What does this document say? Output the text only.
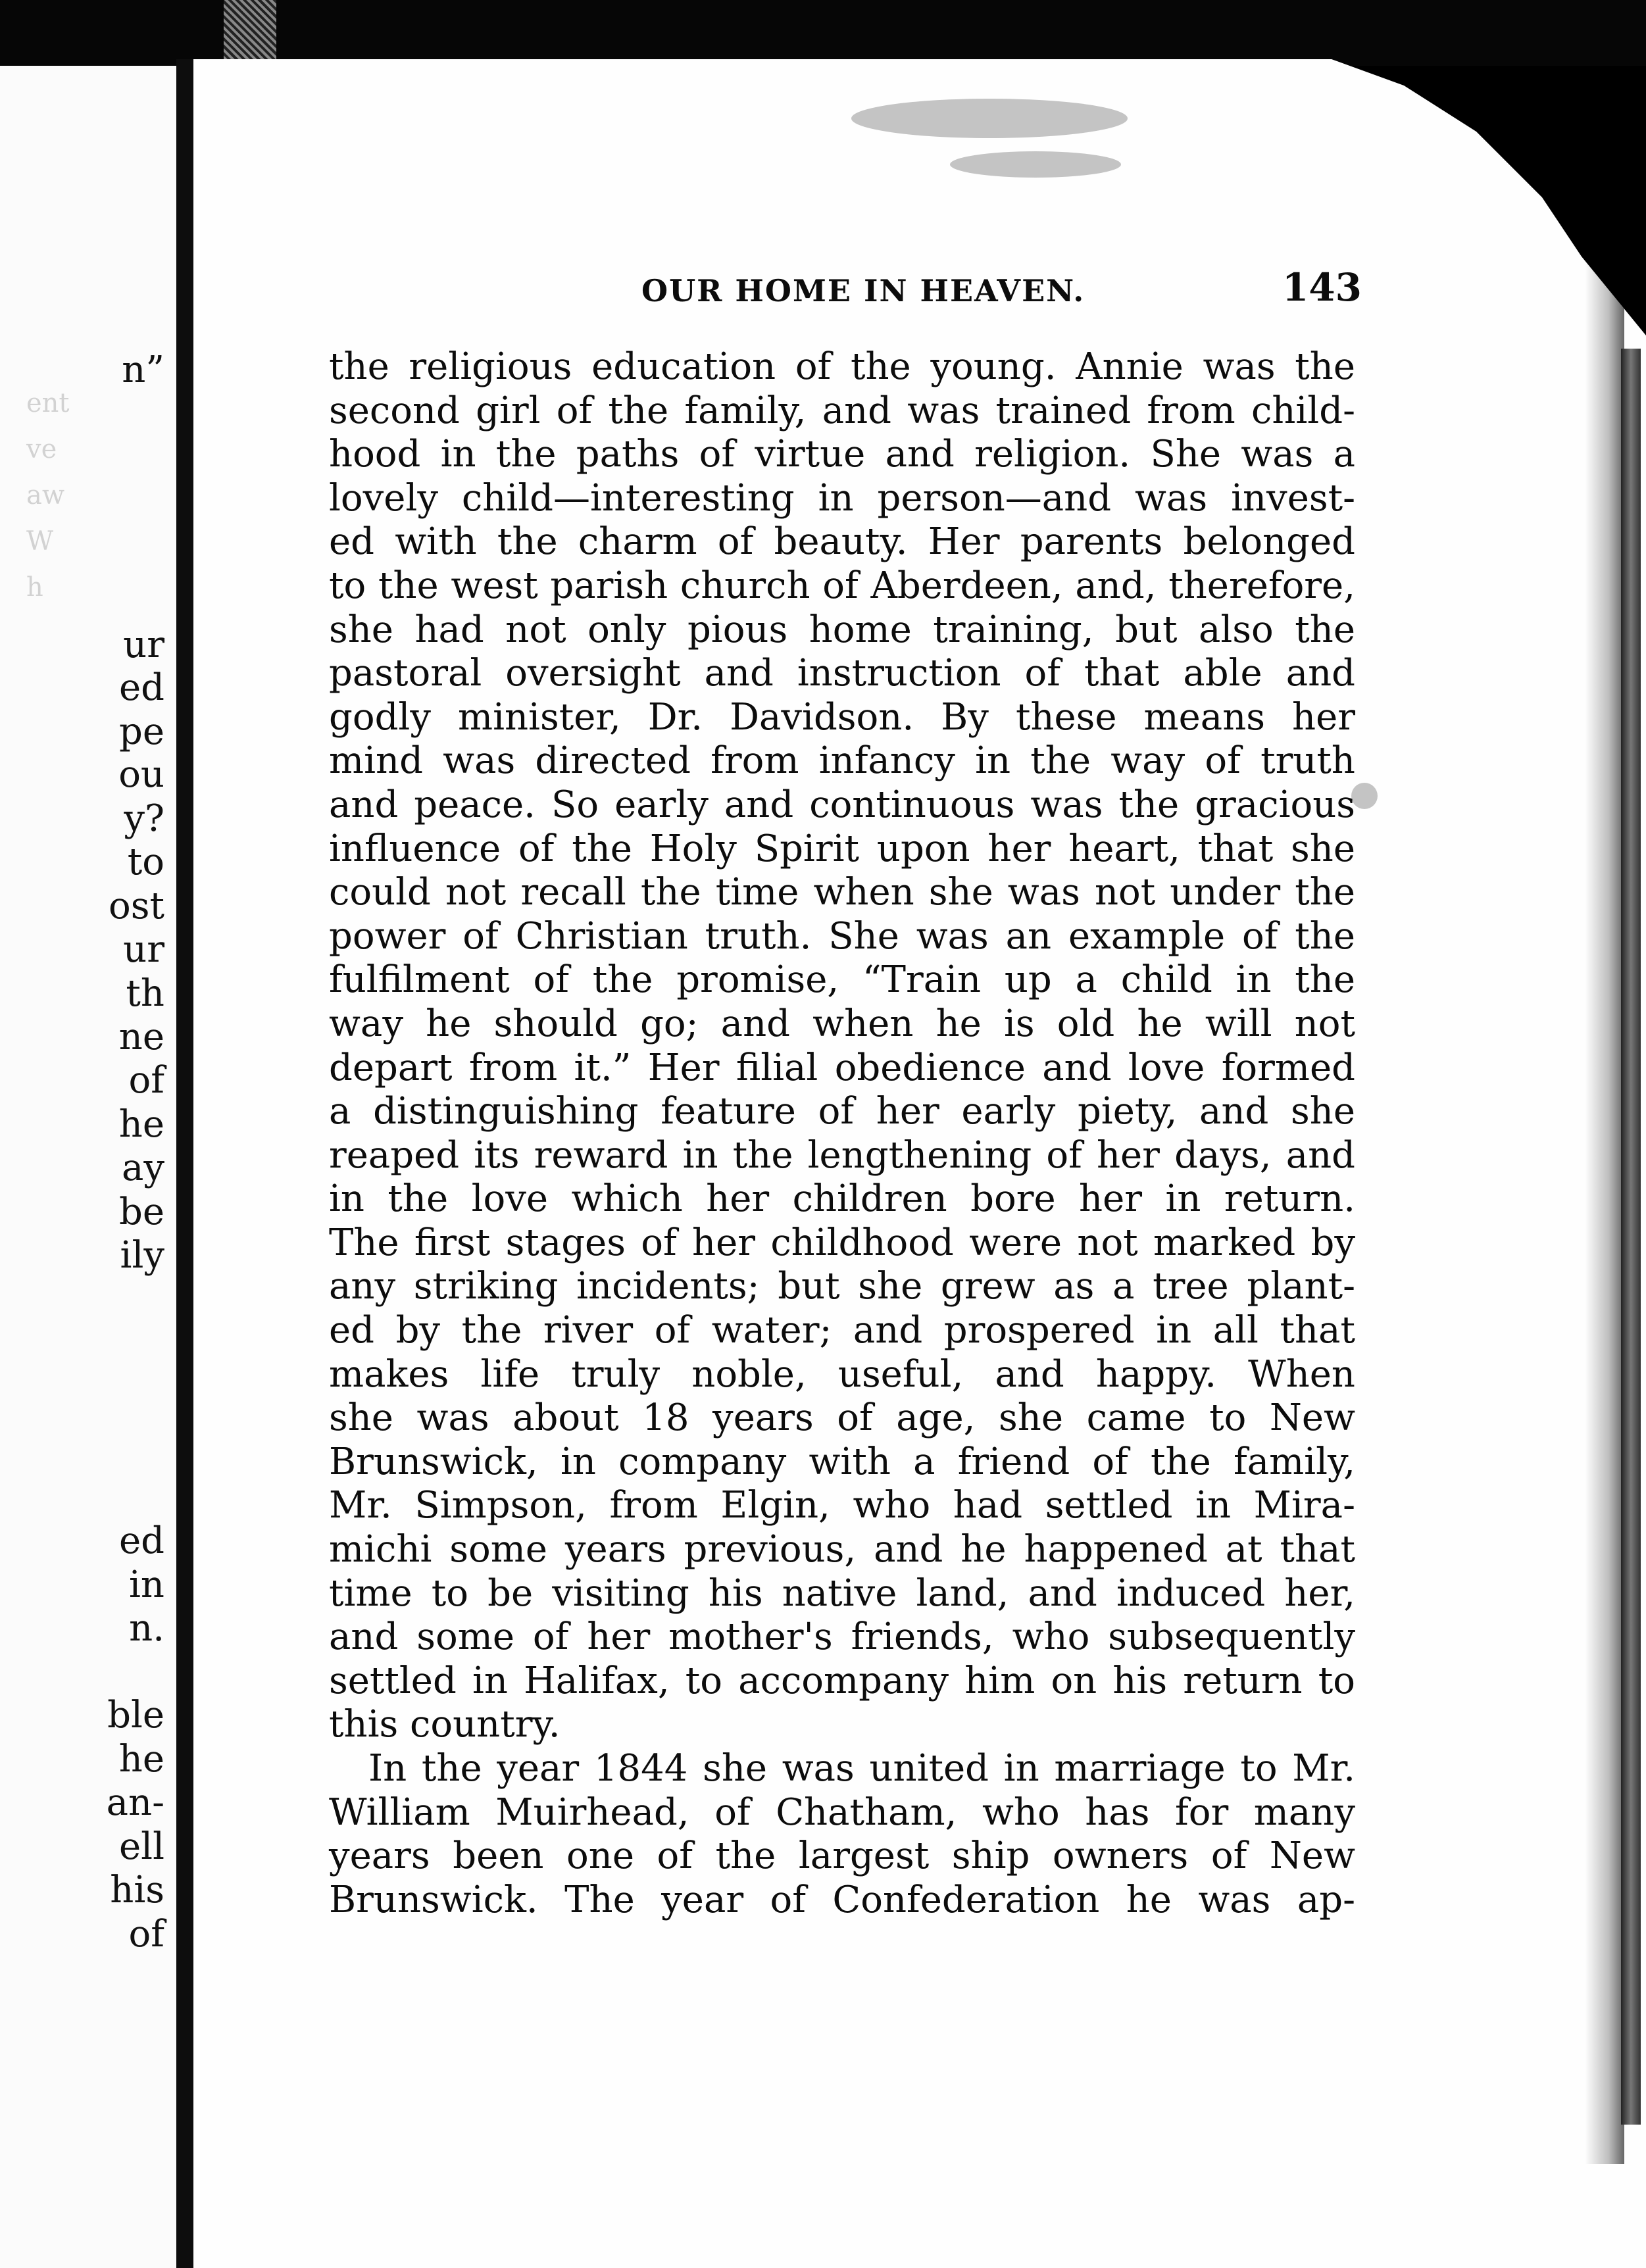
n”
ur
ed
pe
ou
y?
to
ost
ur
th
ne
of
he
ay
be
ily
ed
in
n.
ble
he
an-
ell
his
of
ent
ve
aw
W
h
OUR HOME IN HEAVEN.	143
the religious education of the young. Annie was the
second girl of the family, and was trained from child-
hood in the paths of virtue and religion. She was a
lovely child—interesting in person—and was invest-
ed with the charm of beauty. Her parents belonged
to the west parish church of Aberdeen, and, therefore,
she had not only pious home training, but also the
pastoral oversight and instruction of that able and
godly minister, Dr. Davidson. By these means her
mind was directed from infancy in the way of truth
and peace. So early and continuous was the gracious
influence of the Holy Spirit upon her heart, that she
could not recall the time when she was not under the
power of Christian truth. She was an example of the
fulfilment of the promise, “Train up a child in the
way he should go; and when he is old he will not
depart from it.” Her filial obedience and love formed
a distinguishing feature of her early piety, and she
reaped its reward in the lengthening of her days, and
in the love which her children bore her in return.
The first stages of her childhood were not marked by
any striking incidents; but she grew as a tree plant-
ed by the river of water; and prospered in all that
makes life truly noble, useful, and happy. When
she was about 18 years of age, she came to New
Brunswick, in company with a friend of the family,
Mr. Simpson, from Elgin, who had settled in Mira-
michi some years previous, and he happened at that
time to be visiting his native land, and induced her,
and some of her mother's friends, who subsequently
settled in Halifax, to accompany him on his return to
this country.
In the year 1844 she was united in marriage to Mr.
William Muirhead, of Chatham, who has for many
years been one of the largest ship owners of New
Brunswick. The year of Confederation he was ap-
